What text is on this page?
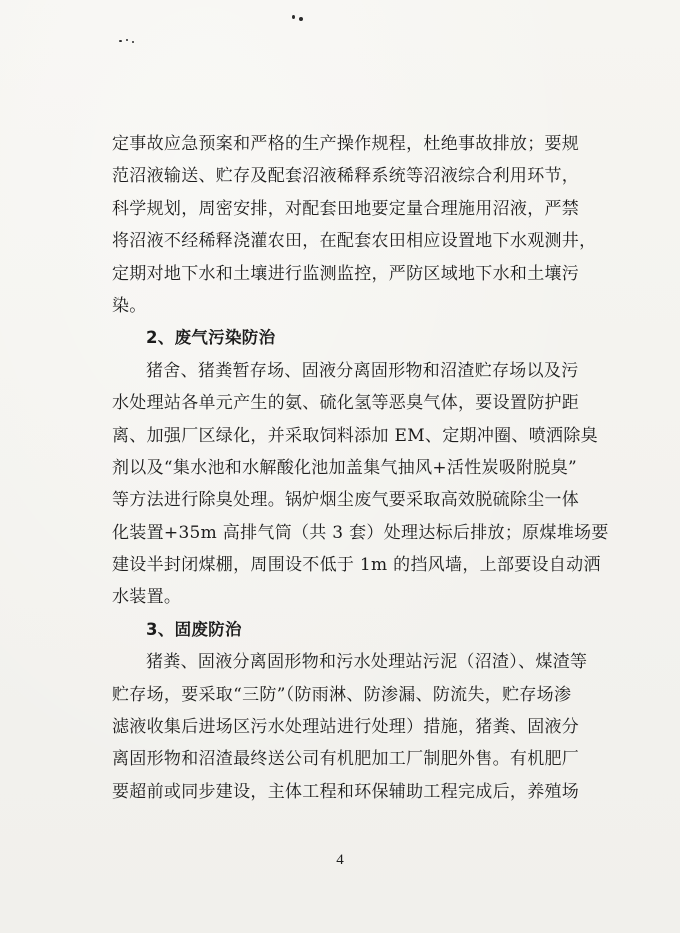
定事故应急预案和严格的生产操作规程，杜绝事故排放；要规
范沼液输送、贮存及配套沼液稀释系统等沼液综合利用环节，
科学规划，周密安排，对配套田地要定量合理施用沼液，严禁
将沼液不经稀释浇灌农田，在配套农田相应设置地下水观测井，
定期对地下水和土壤进行监测监控，严防区域地下水和土壤污
染。
2、废气污染防治
猪舍、猪粪暂存场、固液分离固形物和沼渣贮存场以及污
水处理站各单元产生的氨、硫化氢等恶臭气体，要设置防护距
离、加强厂区绿化，并采取饲料添加 EM、定期冲圈、喷洒除臭
剂以及“集水池和水解酸化池加盖集气抽风+活性炭吸附脱臭”
等方法进行除臭处理。锅炉烟尘废气要采取高效脱硫除尘一体
化装置+35m 高排气筒（共 3 套）处理达标后排放；原煤堆场要
建设半封闭煤棚，周围设不低于 1m 的挡风墙，上部要设自动洒
水装置。
3、固废防治
猪粪、固液分离固形物和污水处理站污泥（沼渣）、煤渣等
贮存场，要采取“三防”（防雨淋、防渗漏、防流失，贮存场渗
滤液收集后进场区污水处理站进行处理）措施，猪粪、固液分
离固形物和沼渣最终送公司有机肥加工厂制肥外售。有机肥厂
要超前或同步建设，主体工程和环保辅助工程完成后，养殖场
4
